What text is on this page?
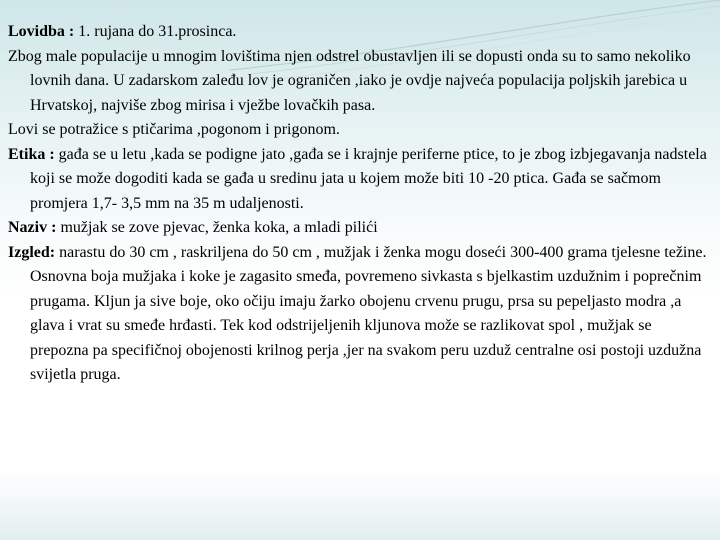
Lovidba : 1. rujana do 31.prosinca.

Zbog male populacije u mnogim lovištima njen odstrel obustavljen ili se dopusti onda su to samo nekoliko lovnih dana. U zadarskom zaleđu lov je ograničen ,iako je ovdje najveća populacija poljskih jarebica u Hrvatskoj, najviše zbog mirisa i vježbe lovačkih pasa.

Lovi se potražice s ptičarima ,pogonom i prigonom.

Etika : gađa se u letu ,kada se podigne jato ,gađa se i krajnje periferne ptice, to je zbog izbjegavanja nadstela koji se može dogoditi kada se gađa u sredinu jata u kojem može biti 10 -20 ptica. Gađa se sačmom promjera 1,7- 3,5 mm na 35 m udaljenosti.

Naziv : mužjak se zove pjevac, ženka koka, a mladi pilići

Izgled: narastu do 30 cm , raskriljena do 50 cm , mužjak i ženka mogu doseći 300-400 grama tjelesne težine. Osnovna boja mužjaka i koke je zagasito smeđa, povremeno sivkasta s bjelkastim uzdužnim i poprečnim prugama. Kljun ja sive boje, oko očiju imaju žarko obojenu crvenu prugu, prsa su pepeljasto modra ,a glava i vrat su smeđe hrđasti. Tek kod odstrijeljenih kljunova može se razlikovat spol , mužjak se prepozna pa specifičnoj obojenosti krilnog perja ,jer na svakom peru uzduž centralne osi postoji uzdužna svijetla pruga.
